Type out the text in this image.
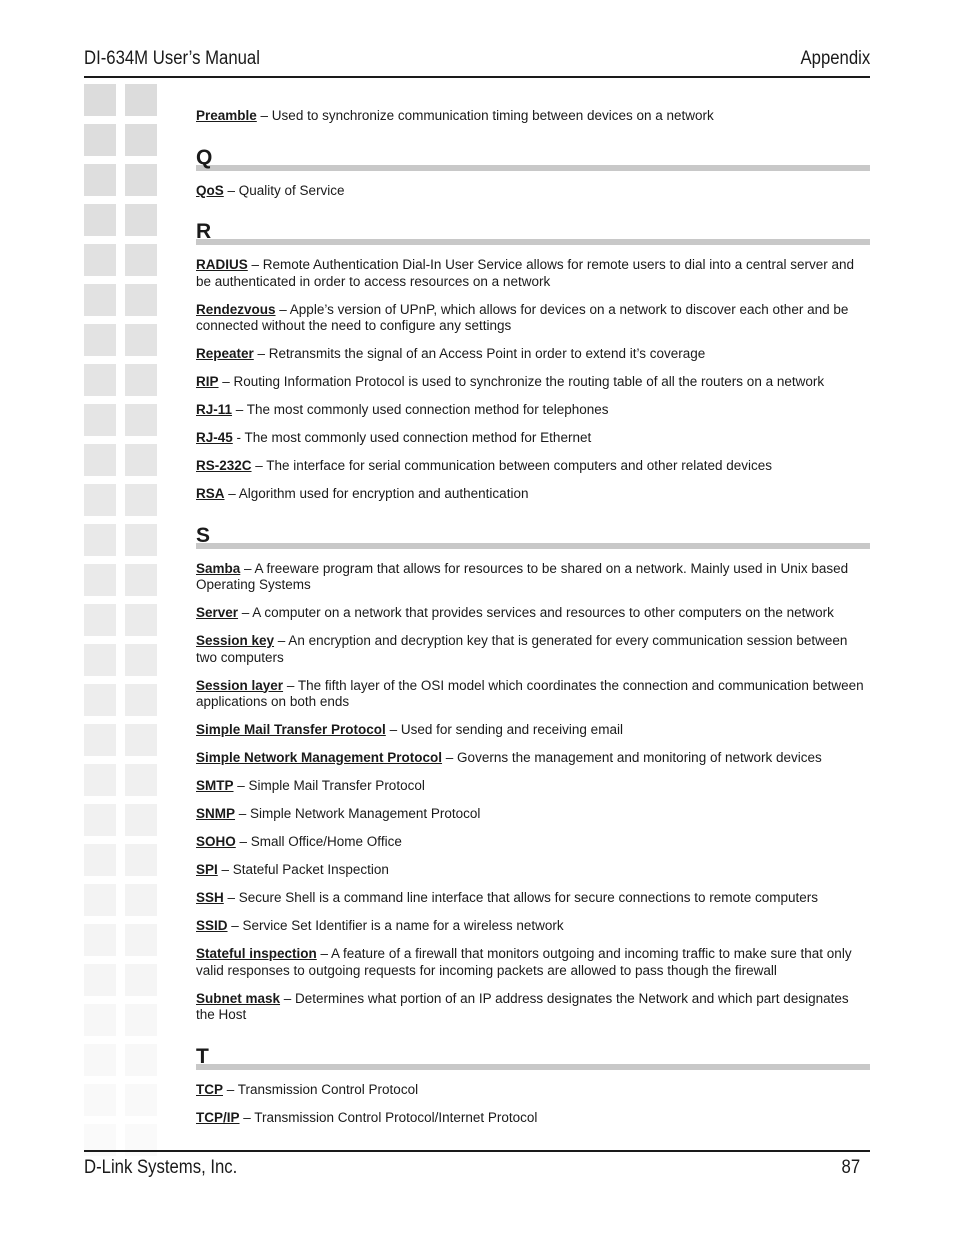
DI-634M User’s Manual	Appendix
Preamble – Used to synchronize communication timing between devices on a network
Q
QoS – Quality of Service
R
RADIUS – Remote Authentication Dial-In User Service allows for remote users to dial into a central server and be authenticated in order to access resources on a network
Rendezvous – Apple’s version of UPnP, which allows for devices on a network to discover each other and be connected without the need to configure any settings
Repeater – Retransmits the signal of an Access Point in order to extend it’s coverage
RIP – Routing Information Protocol is used to synchronize the routing table of all the routers on a network
RJ-11 – The most commonly used connection method for telephones
RJ-45 - The most commonly used connection method for Ethernet
RS-232C – The interface for serial communication between computers and other related devices
RSA – Algorithm used for encryption and authentication
S
Samba – A freeware program that allows for resources to be shared on a network. Mainly used in Unix based Operating Systems
Server – A computer on a network that provides services and resources to other computers on the network
Session key – An encryption and decryption key that is generated for every communication session between two computers
Session layer – The fifth layer of the OSI model which coordinates the connection and communication between applications on both ends
Simple Mail Transfer Protocol – Used for sending and receiving email
Simple Network Management Protocol – Governs the management and monitoring of network devices
SMTP – Simple Mail Transfer Protocol
SNMP – Simple Network Management Protocol
SOHO – Small Office/Home Office
SPI – Stateful Packet Inspection
SSH – Secure Shell is a command line interface that allows for secure connections to remote computers
SSID – Service Set Identifier is a name for a wireless network
Stateful inspection – A feature of a firewall that monitors outgoing and incoming traffic to make sure that only valid responses to outgoing requests for incoming packets are allowed to pass though the firewall
Subnet mask – Determines what portion of an IP address designates the Network and which part designates the Host
T
TCP – Transmission Control Protocol
TCP/IP – Transmission Control Protocol/Internet Protocol
D-Link Systems, Inc.	87
